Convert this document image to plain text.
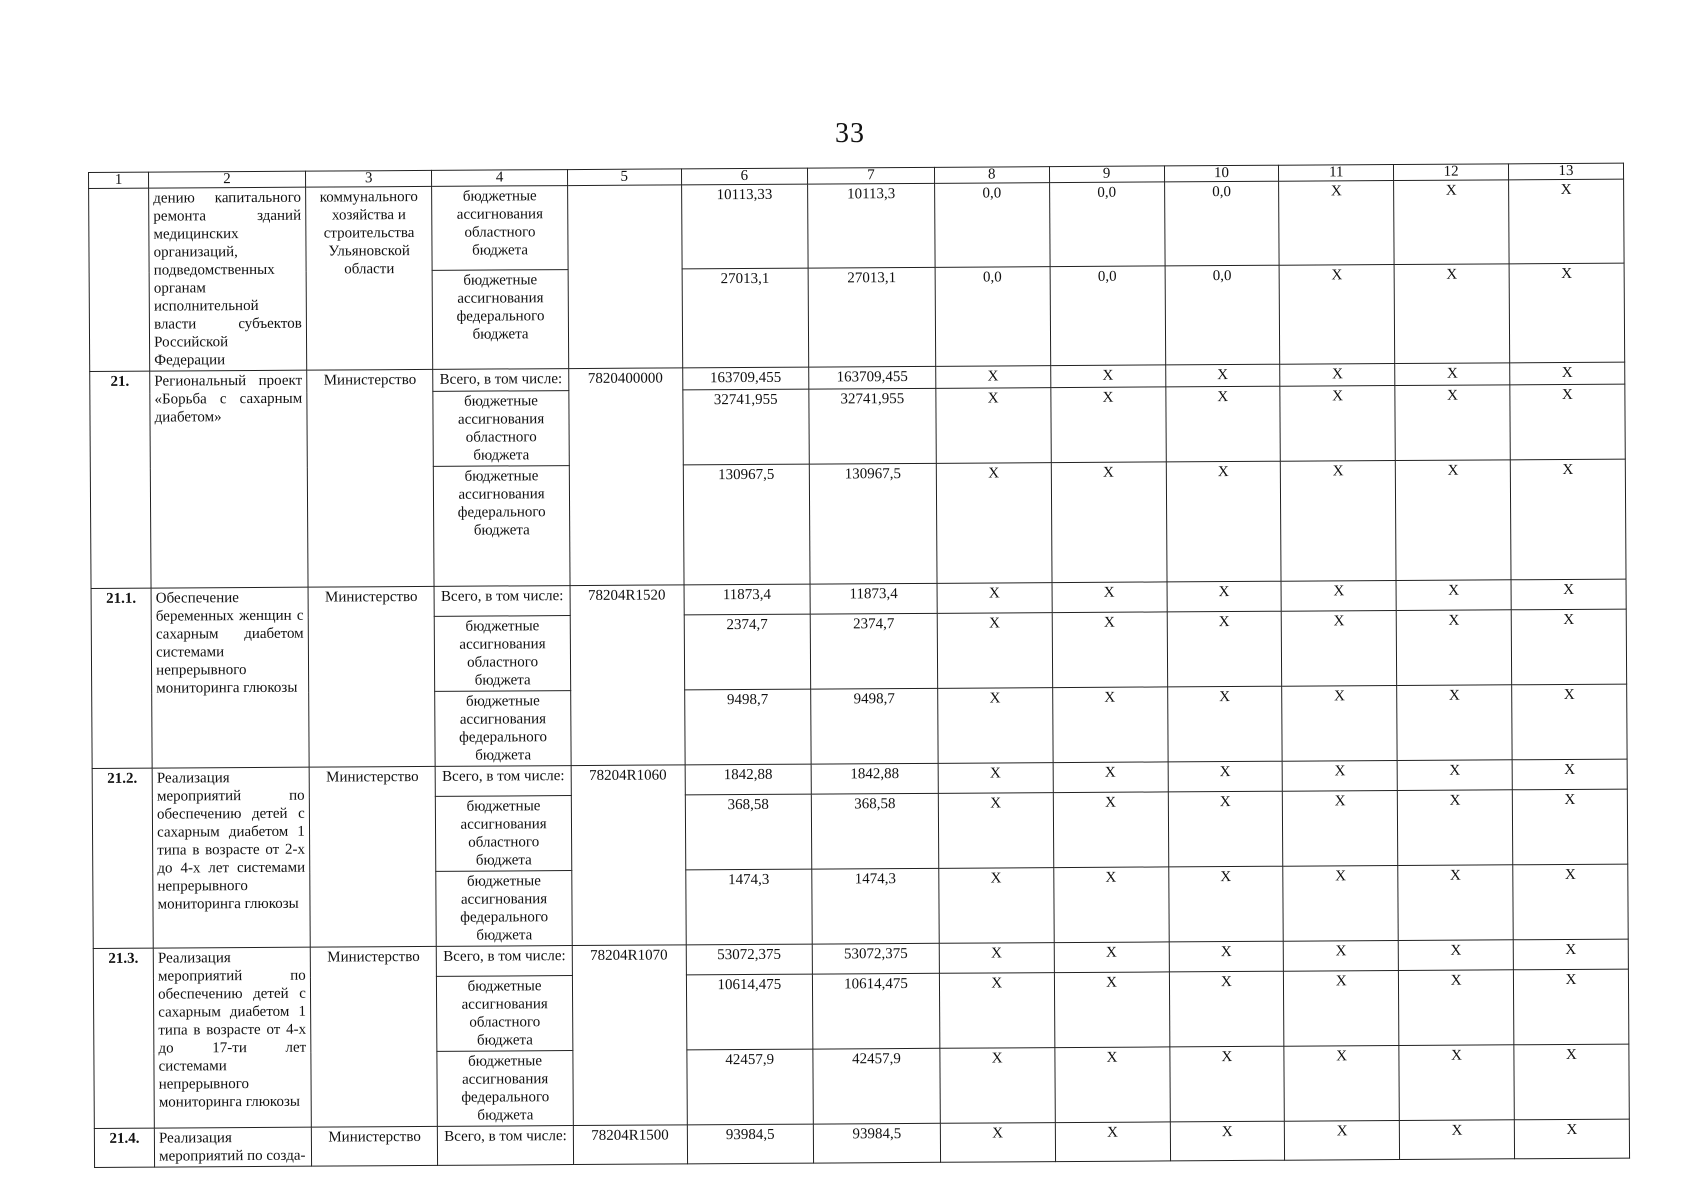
33
1	2	3	4	5	6	7	8	9	10	11	12	13
	дению капитального ремонта зданий медицинских организаций, подведомственных органам исполнительной власти субъектов Российской Федерации	коммунального хозяйства и строительства Ульяновской области	бюджетные ассигнования областного бюджета		10113,33	10113,3	0,0	0,0	0,0	Х	Х	Х
			бюджетные ассигнования федерального бюджета		27013,1	27013,1	0,0	0,0	0,0	Х	Х	Х
21.	Региональный проект «Борьба с сахарным диабетом»	Министерство	Всего, в том числе:	7820400000	163709,455	163709,455	Х	Х	Х	Х	Х	Х
			бюджетные ассигнования областного бюджета		32741,955	32741,955	Х	Х	Х	Х	Х	Х
			бюджетные ассигнования федерального бюджета		130967,5	130967,5	Х	Х	Х	Х	Х	Х
21.1.	Обеспечение беременных женщин с сахарным диабетом системами непрерывного мониторинга глюкозы	Министерство	Всего, в том числе:	78204R1520	11873,4	11873,4	Х	Х	Х	Х	Х	Х
			бюджетные ассигнования областного бюджета		2374,7	2374,7	Х	Х	Х	Х	Х	Х
			бюджетные ассигнования федерального бюджета		9498,7	9498,7	Х	Х	Х	Х	Х	Х
21.2.	Реализация мероприятий по обеспечению детей с сахарным диабетом 1 типа в возрасте от 2-х до 4-х лет системами непрерывного мониторинга глюкозы	Министерство	Всего, в том числе:	78204R1060	1842,88	1842,88	Х	Х	Х	Х	Х	Х
			бюджетные ассигнования областного бюджета		368,58	368,58	Х	Х	Х	Х	Х	Х
			бюджетные ассигнования федерального бюджета		1474,3	1474,3	Х	Х	Х	Х	Х	Х
21.3.	Реализация мероприятий по обеспечению детей с сахарным диабетом 1 типа в возрасте от 4-х до 17-ти лет системами непрерывного мониторинга глюкозы	Министерство	Всего, в том числе:	78204R1070	53072,375	53072,375	Х	Х	Х	Х	Х	Х
			бюджетные ассигнования областного бюджета		10614,475	10614,475	Х	Х	Х	Х	Х	Х
			бюджетные ассигнования федерального бюджета		42457,9	42457,9	Х	Х	Х	Х	Х	Х
21.4.	Реализация мероприятий по созда-	Министерство	Всего, в том числе:	78204R1500	93984,5	93984,5	Х	Х	Х	Х	Х	Х
